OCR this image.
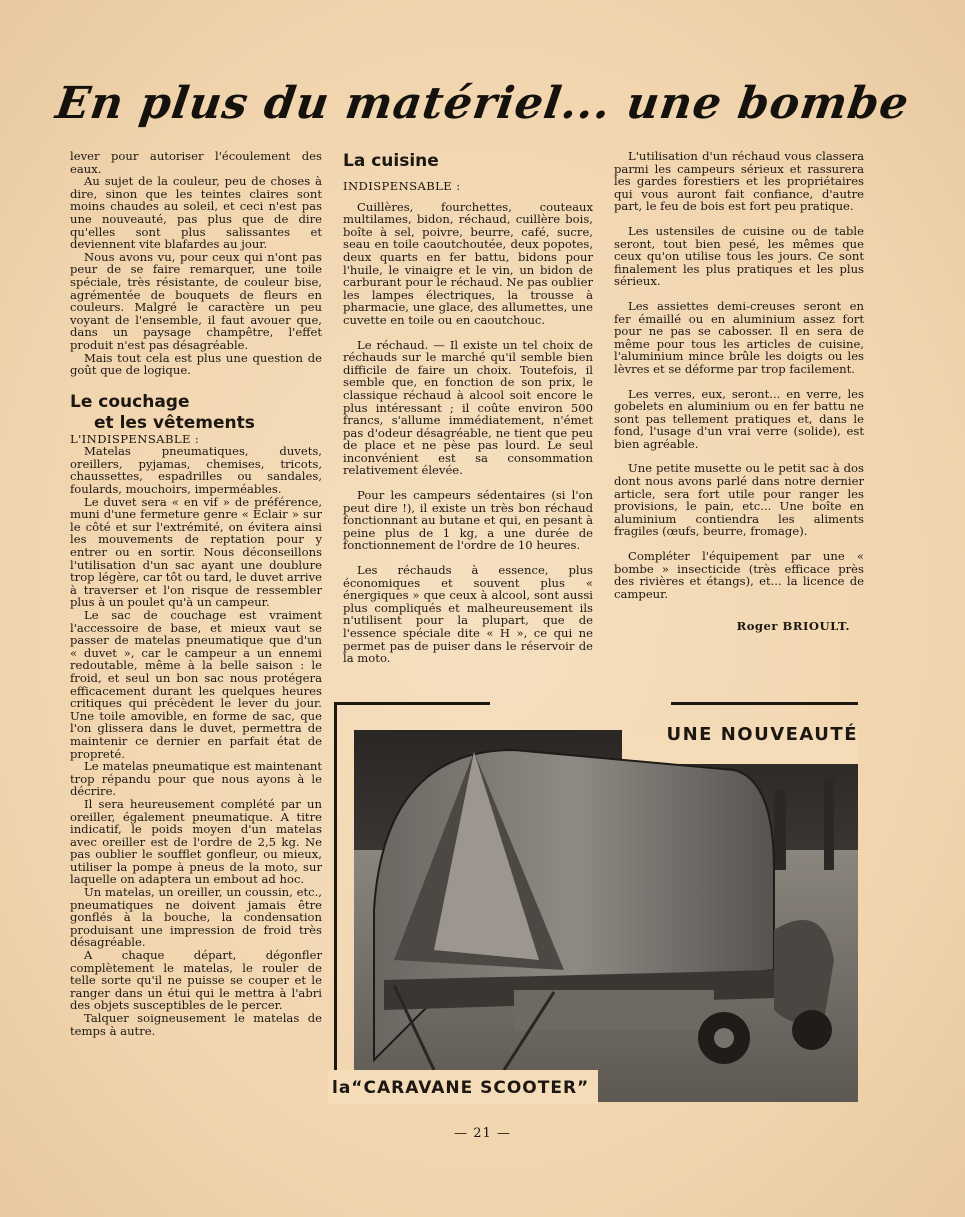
En plus du matériel... une bombe

lever pour autoriser l'écoulement des eaux.

Au sujet de la couleur, peu de choses à dire, sinon que les teintes claires sont moins chaudes au soleil, et ceci n'est pas une nouveauté, pas plus que de dire qu'elles sont plus salissantes et deviennent vite blafardes au jour.

Nous avons vu, pour ceux qui n'ont pas peur de se faire remarquer, une toile spéciale, très résistante, de couleur bise, agrémentée de bouquets de fleurs en couleurs. Malgré le caractère un peu voyant de l'ensemble, il faut avouer que, dans un paysage champêtre, l'effet produit n'est pas désagréable.

Mais tout cela est plus une question de goût que de logique.

Le couchage

et les vêtements

L'INDISPENSABLE :

Matelas pneumatiques, duvets, oreillers, pyjamas, chemises, tricots, chaussettes, espadrilles ou sandales, foulards, mouchoirs, imperméables.

Le duvet sera « en vif » de préférence, muni d'une fermeture genre « Eclair » sur le côté et sur l'extrémité, on évitera ainsi les mouvements de reptation pour y entrer ou en sortir. Nous déconseillons l'utilisation d'un sac ayant une doublure trop légère, car tôt ou tard, le duvet arrive à traverser et l'on risque de ressembler plus à un poulet qu'à un campeur.

Le sac de couchage est vraiment l'accessoire de base, et mieux vaut se passer de matelas pneumatique que d'un « duvet », car le campeur a un ennemi redoutable, même à la belle saison : le froid, et seul un bon sac nous protégera efficacement durant les quelques heures critiques qui précèdent le lever du jour. Une toile amovible, en forme de sac, que l'on glissera dans le duvet, permettra de maintenir ce dernier en parfait état de propreté.

Le matelas pneumatique est maintenant trop répandu pour que nous ayons à le décrire.

Il sera heureusement complété par un oreiller, également pneumatique. A titre indicatif, le poids moyen d'un matelas avec oreiller est de l'ordre de 2,5 kg. Ne pas oublier le soufflet gonfleur, ou mieux, utiliser la pompe à pneus de la moto, sur laquelle on adaptera un embout ad hoc.

Un matelas, un oreiller, un coussin, etc., pneumatiques ne doivent jamais être gonflés à la bouche, la condensation produisant une impression de froid très désagréable.

A chaque départ, dégonfler complètement le matelas, le rouler de telle sorte qu'il ne puisse se couper et le ranger dans un étui qui le mettra à l'abri des objets susceptibles de le percer.

Talquer soigneusement le matelas de temps à autre.

La cuisine

INDISPENSABLE :

Cuillères, fourchettes, couteaux multilames, bidon, réchaud, cuillère bois, boîte à sel, poivre, beurre, café, sucre, seau en toile caoutchoutée, deux popotes, deux quarts en fer battu, bidons pour l'huile, le vinaigre et le vin, un bidon de carburant pour le réchaud. Ne pas oublier les lampes électriques, la trousse à pharmacie, une glace, des allumettes, une cuvette en toile ou en caoutchouc.

Le réchaud. — Il existe un tel choix de réchauds sur le marché qu'il semble bien difficile de faire un choix. Toutefois, il semble que, en fonction de son prix, le classique réchaud à alcool soit encore le plus intéressant ; il coûte environ 500 francs, s'allume immédiatement, n'émet pas d'odeur désagréable, ne tient que peu de place et ne pèse pas lourd. Le seul inconvénient est sa consommation relativement élevée.

Pour les campeurs sédentaires (si l'on peut dire !), il existe un très bon réchaud fonctionnant au butane et qui, en pesant à peine plus de 1 kg, a une durée de fonctionnement de l'ordre de 10 heures.

Les réchauds à essence, plus économiques et souvent plus « énergiques » que ceux à alcool, sont aussi plus compliqués et malheureusement ils n'utilisent pour la plupart, que de l'essence spéciale dite « H », ce qui ne permet pas de puiser dans le réservoir de la moto.

L'utilisation d'un réchaud vous classera parmi les campeurs sérieux et rassurera les gardes forestiers et les propriétaires qui vous auront fait confiance, d'autre part, le feu de bois est fort peu pratique.

Les ustensiles de cuisine ou de table seront, tout bien pesé, les mêmes que ceux qu'on utilise tous les jours. Ce sont finalement les plus pratiques et les plus sérieux.

Les assiettes demi-creuses seront en fer émaillé ou en aluminium assez fort pour ne pas se cabosser. Il en sera de même pour tous les articles de cuisine, l'aluminium mince brûle les doigts ou les lèvres et se déforme par trop facilement.

Les verres, eux, seront... en verre, les gobelets en aluminium ou en fer battu ne sont pas tellement pratiques et, dans le fond, l'usage d'un vrai verre (solide), est bien agréable.

Une petite musette ou le petit sac à dos dont nous avons parlé dans notre dernier article, sera fort utile pour ranger les provisions, le pain, etc... Une boîte en aluminium contiendra les aliments fragiles (œufs, beurre, fromage).

Compléter l'équipement par une « bombe » insecticide (très efficace près des rivières et étangs), et... la licence de campeur.

Roger BRIOULT.
UNE NOUVEAUTÉ
la“CARAVANE SCOOTER”
— 21 —
